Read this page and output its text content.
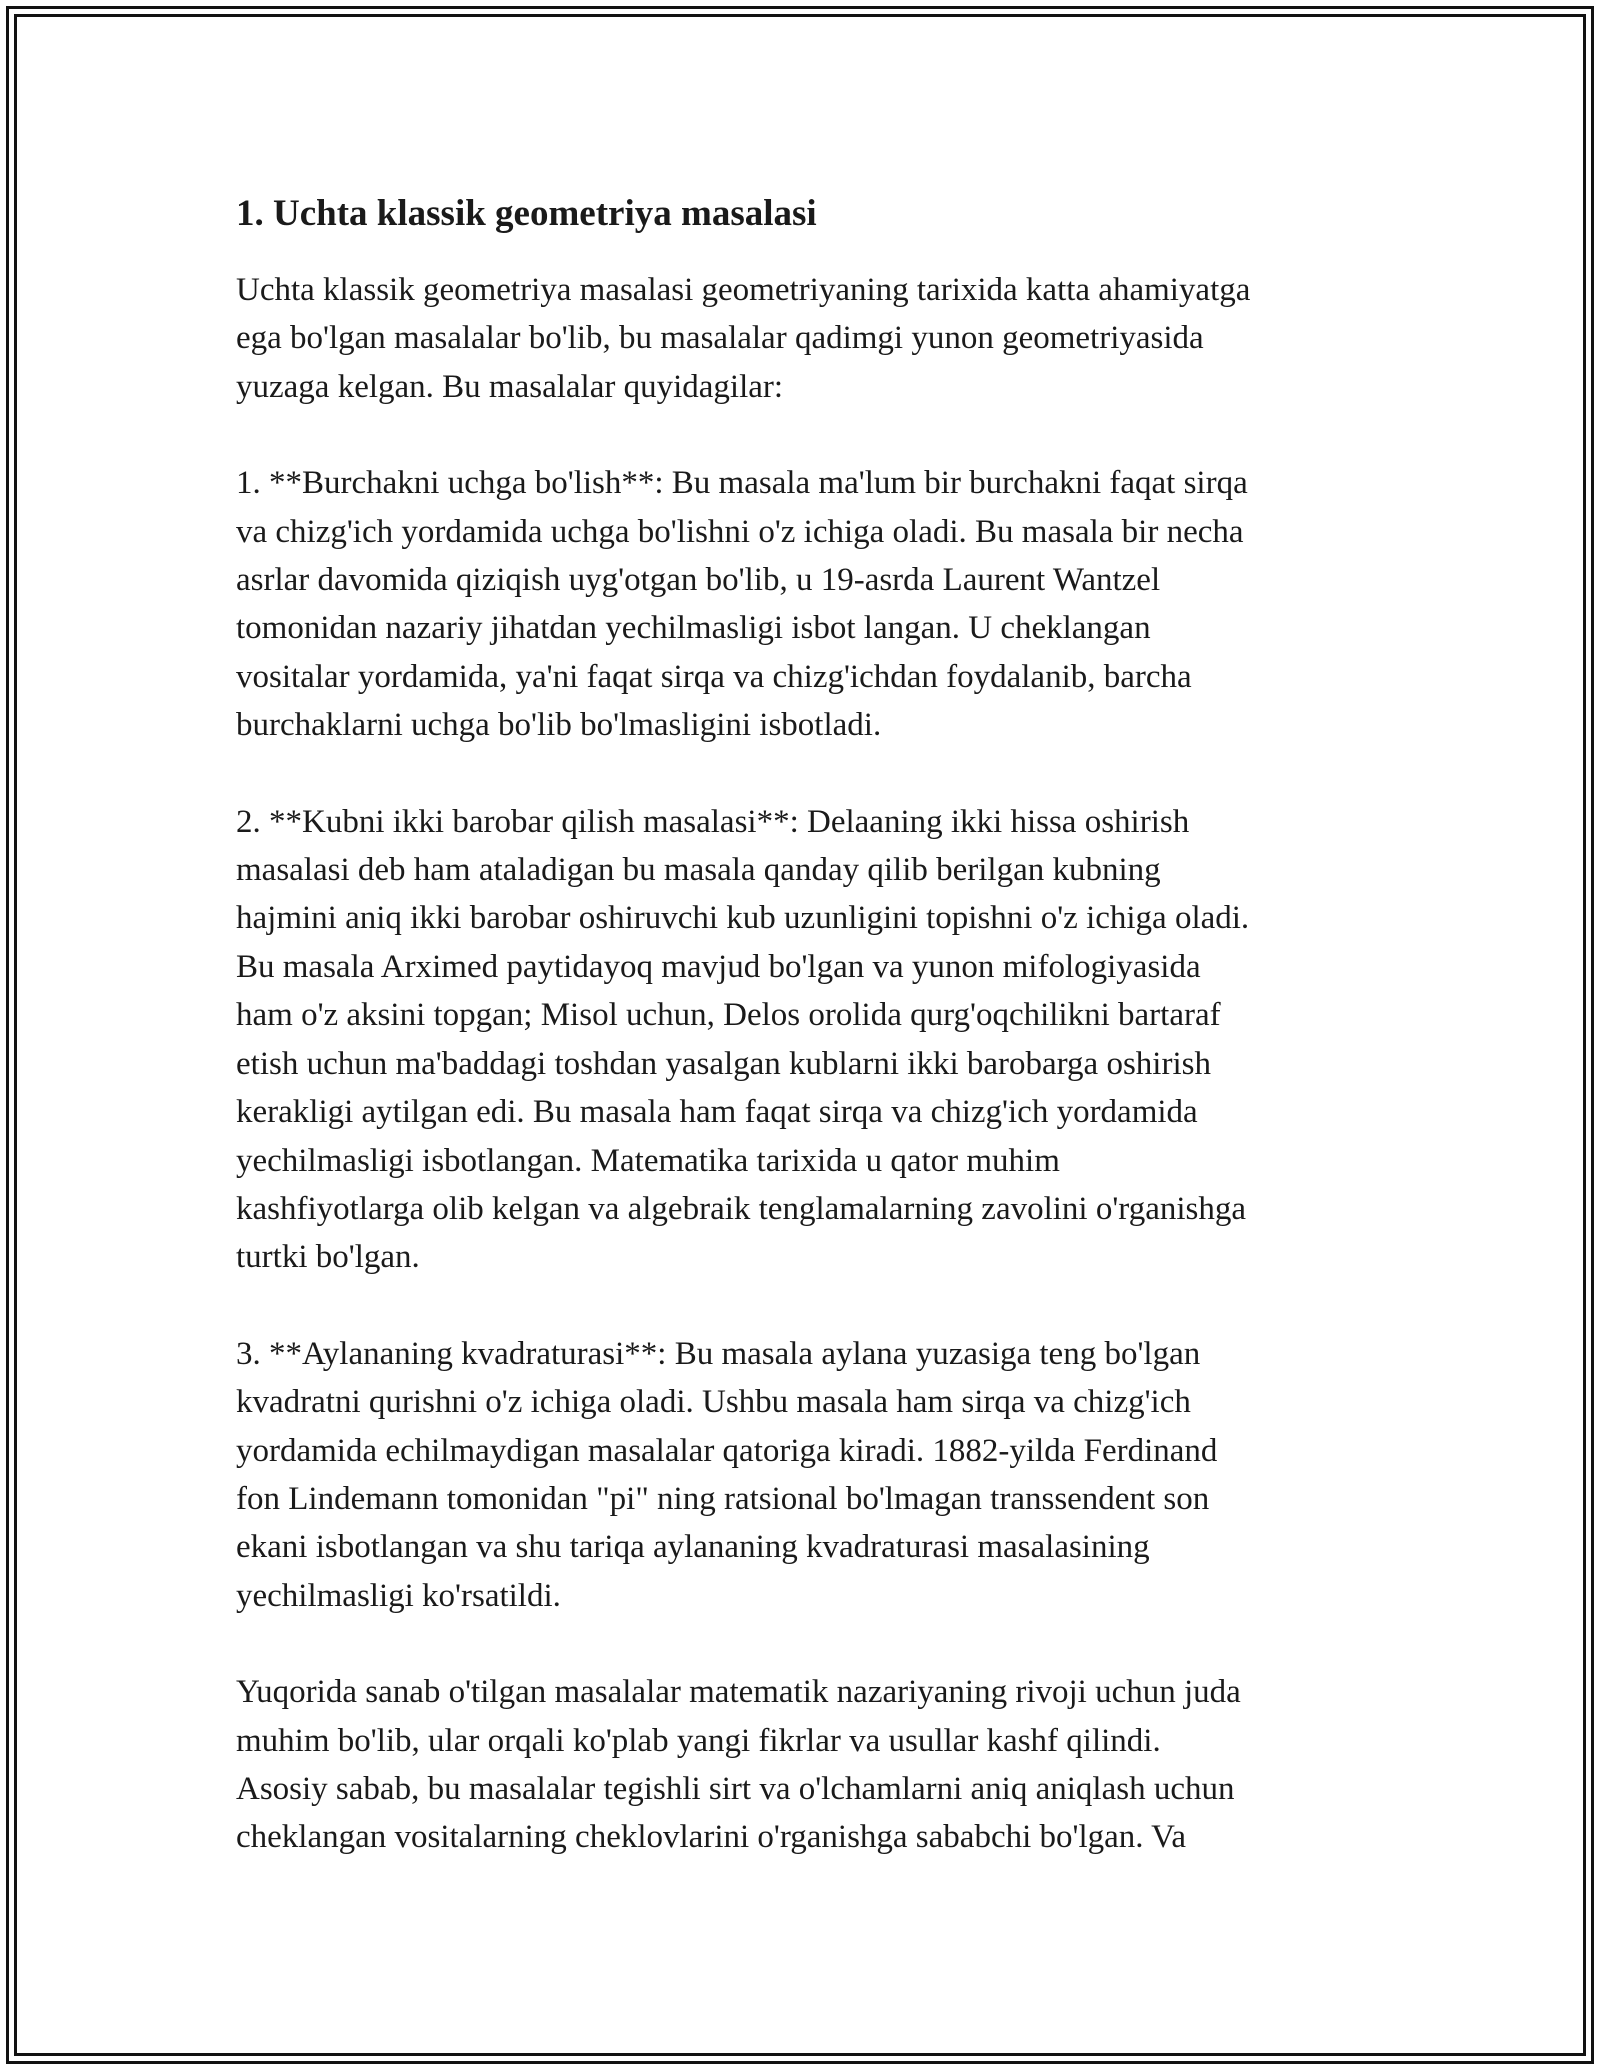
1. Uchta klassik geometriya masalasi

Uchta klassik geometriya masalasi geometriyaning tarixida katta ahamiyatga
ega bo'lgan masalalar bo'lib, bu masalalar qadimgi yunon geometriyasida
yuzaga kelgan. Bu masalalar quyidagilar:

1. **Burchakni uchga bo'lish**: Bu masala ma'lum bir burchakni faqat sirqa
va chizg'ich yordamida uchga bo'lishni o'z ichiga oladi. Bu masala bir necha
asrlar davomida qiziqish uyg'otgan bo'lib, u 19-asrda Laurent Wantzel
tomonidan nazariy jihatdan yechilmasligi isbot langan. U cheklangan
vositalar yordamida, ya'ni faqat sirqa va chizg'ichdan foydalanib, barcha
burchaklarni uchga bo'lib bo'lmasligini isbotladi.

2. **Kubni ikki barobar qilish masalasi**: Delaaning ikki hissa oshirish
masalasi deb ham ataladigan bu masala qanday qilib berilgan kubning
hajmini aniq ikki barobar oshiruvchi kub uzunligini topishni o'z ichiga oladi.
Bu masala Arximed paytidayoq mavjud bo'lgan va yunon mifologiyasida
ham o'z aksini topgan; Misol uchun, Delos orolida qurg'oqchilikni bartaraf
etish uchun ma'baddagi toshdan yasalgan kublarni ikki barobarga oshirish
kerakligi aytilgan edi. Bu masala ham faqat sirqa va chizg'ich yordamida
yechilmasligi isbotlangan. Matematika tarixida u qator muhim
kashfiyotlarga olib kelgan va algebraik tenglamalarning zavolini o'rganishga
turtki bo'lgan.

3. **Aylananing kvadraturasi**: Bu masala aylana yuzasiga teng bo'lgan
kvadratni qurishni o'z ichiga oladi. Ushbu masala ham sirqa va chizg'ich
yordamida echilmaydigan masalalar qatoriga kiradi. 1882-yilda Ferdinand
fon Lindemann tomonidan "pi" ning ratsional bo'lmagan transsendent son
ekani isbotlangan va shu tariqa aylananing kvadraturasi masalasining
yechilmasligi ko'rsatildi.

Yuqorida sanab o'tilgan masalalar matematik nazariyaning rivoji uchun juda
muhim bo'lib, ular orqali ko'plab yangi fikrlar va usullar kashf qilindi.
Asosiy sabab, bu masalalar tegishli sirt va o'lchamlarni aniq aniqlash uchun
cheklangan vositalarning cheklovlarini o'rganishga sababchi bo'lgan. Va
